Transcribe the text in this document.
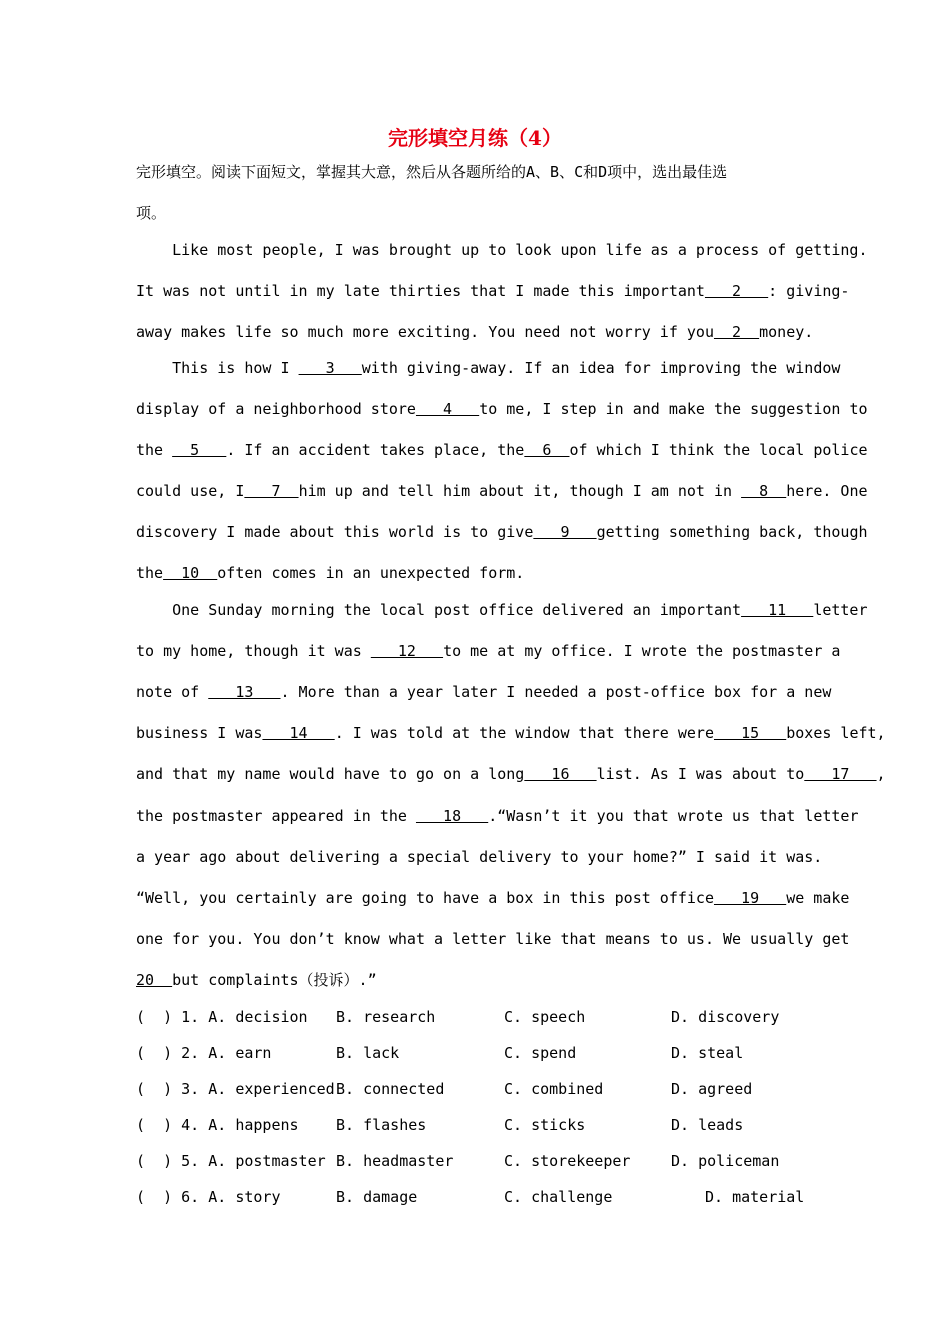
完形填空月练（4）
完形填空。阅读下面短文，掌握其大意，然后从各题所给的A、B、C和D项中，选出最佳选
项。
Like most people, I was brought up to look upon life as a process of getting.
It was not until in my late thirties that I made this important   2   : giving-
away makes life so much more exciting. You need not worry if you  2  money.
This is how I    3   with giving-away. If an idea for improving the window
display of a neighborhood store   4   to me, I step in and make the suggestion to
the   5   . If an accident takes place, the  6  of which I think the local police
could use, I   7  him up and tell him about it, though I am not in   8  here. One
discovery I made about this world is to give   9   getting something back, though
the  10  often comes in an unexpected form.
One Sunday morning the local post office delivered an important   11   letter
to my home, though it was    12   to me at my office. I wrote the postmaster a
note of    13   . More than a year later I needed a post-office box for a new
business I was   14   . I was told at the window that there were   15   boxes left,
and that my name would have to go on a long   16   list. As I was about to   17   ,
the postmaster appeared in the    18   .“Wasn’t it you that wrote us that letter
a year ago about delivering a special delivery to your home?” I said it was.
“Well, you certainly are going to have a box in this post office   19   we make
one for you. You don’t know what a letter like that means to us. We usually get
20  but complaints（投诉）.”
(  ) 1. A. decision B. research	C. speech	D. discovery
(  ) 2. A. earn	B. lack	C. spend	D. steal
(  ) 3. A. experienced B. connected	C. combined	D. agreed
(  ) 4. A. happens B. flashes	C. sticks	D. leads
(  ) 5. A. postmaster B. headmaster	C. storekeeper	D. policeman
(  ) 6. A. story	B. damage	C. challenge	D. material
